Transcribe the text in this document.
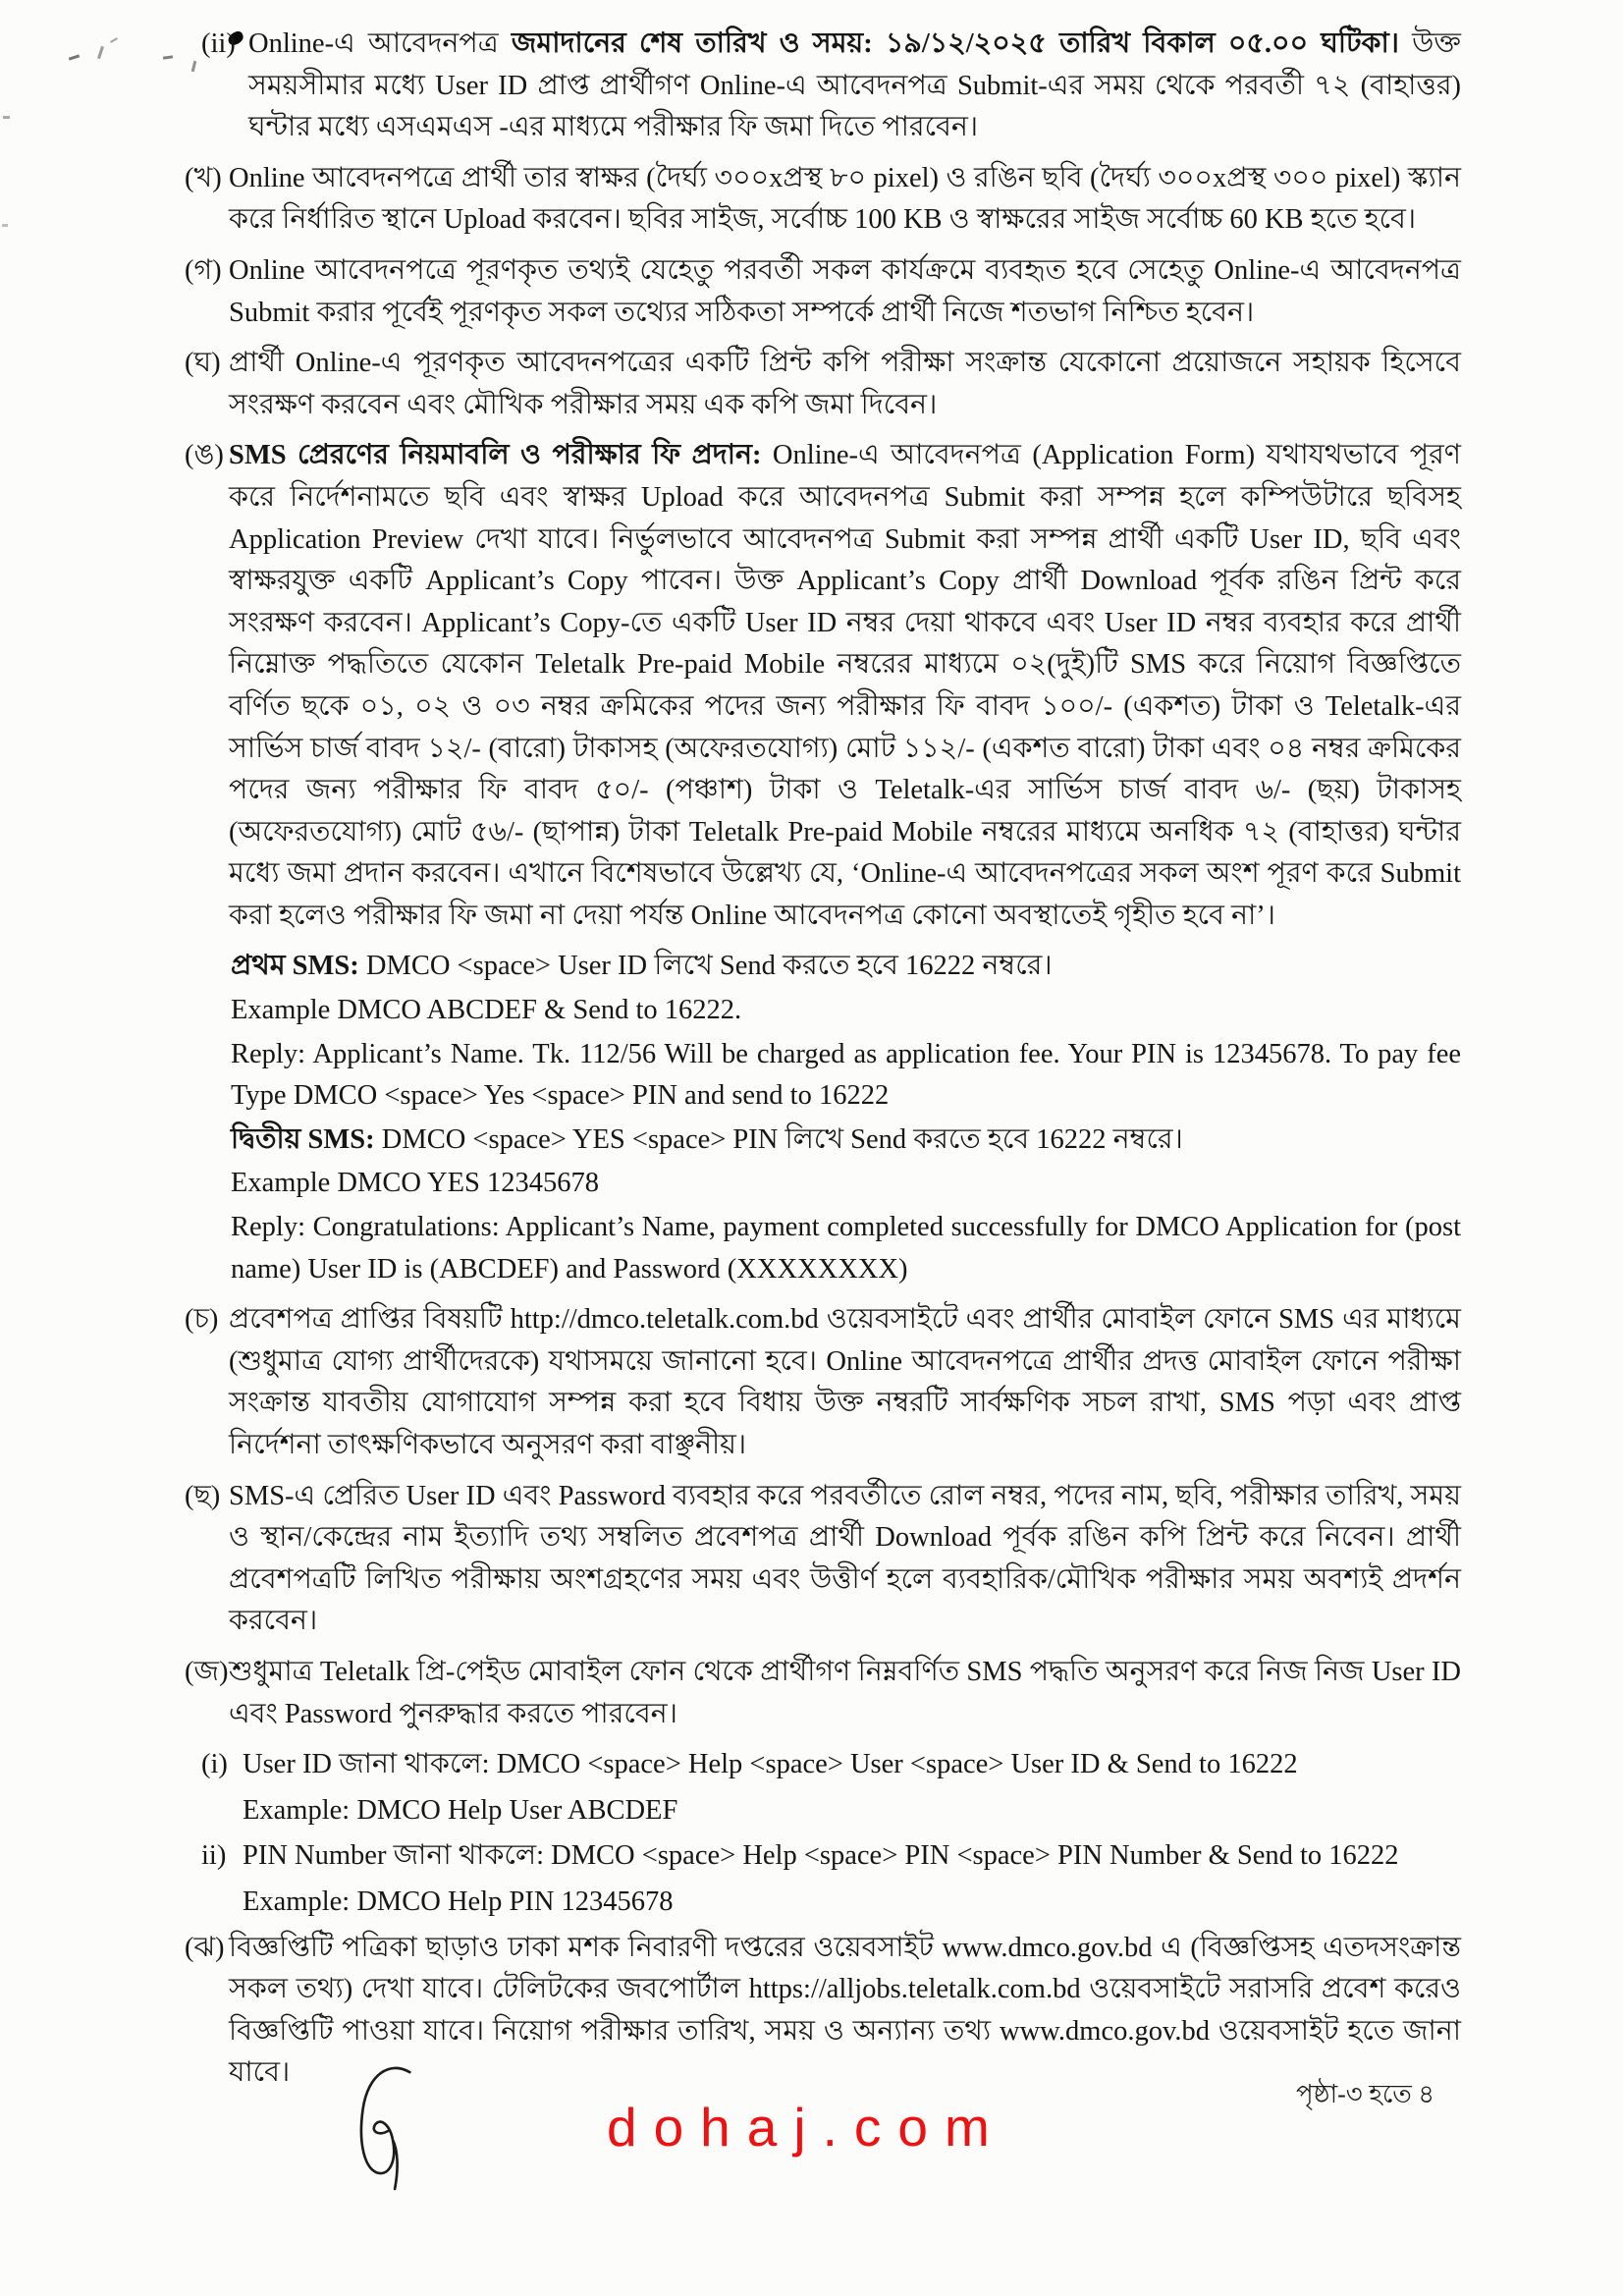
(ii) Online-এ আবেদনপত্র জমাদানের শেষ তারিখ ও সময়: ১৯/১২/২০২৫ তারিখ বিকাল ০৫.০০ ঘটিকা। উক্ত সময়সীমার মধ্যে User ID প্রাপ্ত প্রার্থীগণ Online-এ আবেদনপত্র Submit-এর সময় থেকে পরবর্তী ৭২ (বাহাত্তর) ঘন্টার মধ্যে এসএমএস -এর মাধ্যমে পরীক্ষার ফি জমা দিতে পারবেন।
(খ) Online আবেদনপত্রে প্রার্থী তার স্বাক্ষর (দৈর্ঘ্য ৩০০xপ্রস্থ ৮০ pixel) ও রঙিন ছবি (দৈর্ঘ্য ৩০০xপ্রস্থ ৩০০ pixel) স্ক্যান করে নির্ধারিত স্থানে Upload করবেন। ছবির সাইজ, সর্বোচ্চ 100 KB ও স্বাক্ষরের সাইজ সর্বোচ্চ 60 KB হতে হবে।
(গ) Online আবেদনপত্রে পূরণকৃত তথ্যই যেহেতু পরবর্তী সকল কার্যক্রমে ব্যবহৃত হবে সেহেতু Online-এ আবেদনপত্র Submit করার পূর্বেই পূরণকৃত সকল তথ্যের সঠিকতা সম্পর্কে প্রার্থী নিজে শতভাগ নিশ্চিত হবেন।
(ঘ) প্রার্থী Online-এ পূরণকৃত আবেদনপত্রের একটি প্রিন্ট কপি পরীক্ষা সংক্রান্ত যেকোনো প্রয়োজনে সহায়ক হিসেবে সংরক্ষণ করবেন এবং মৌখিক পরীক্ষার সময় এক কপি জমা দিবেন।
(ঙ) SMS প্রেরণের নিয়মাবলি ও পরীক্ষার ফি প্রদান: Online-এ আবেদনপত্র (Application Form) যথাযথভাবে পূরণ করে নির্দেশনামতে ছবি এবং স্বাক্ষর Upload করে আবেদনপত্র Submit করা সম্পন্ন হলে কম্পিউটারে ছবিসহ Application Preview দেখা যাবে। নির্ভুলভাবে আবেদনপত্র Submit করা সম্পন্ন প্রার্থী একটি User ID, ছবি এবং স্বাক্ষরযুক্ত একটি Applicant’s Copy পাবেন। উক্ত Applicant’s Copy প্রার্থী Download পূর্বক রঙিন প্রিন্ট করে সংরক্ষণ করবেন। Applicant’s Copy-তে একটি User ID নম্বর দেয়া থাকবে এবং User ID নম্বর ব্যবহার করে প্রার্থী নিম্নোক্ত পদ্ধতিতে যেকোন Teletalk Pre-paid Mobile নম্বরের মাধ্যমে ০২(দুই)টি SMS করে নিয়োগ বিজ্ঞপ্তিতে বর্ণিত ছকে ০১, ০২ ও ০৩ নম্বর ক্রমিকের পদের জন্য পরীক্ষার ফি বাবদ ১০০/- (একশত) টাকা ও Teletalk-এর সার্ভিস চার্জ বাবদ ১২/- (বারো) টাকাসহ (অফেরতযোগ্য) মোট ১১২/- (একশত বারো) টাকা এবং ০৪ নম্বর ক্রমিকের পদের জন্য পরীক্ষার ফি বাবদ ৫০/- (পঞ্চাশ) টাকা ও Teletalk-এর সার্ভিস চার্জ বাবদ ৬/- (ছয়) টাকাসহ (অফেরতযোগ্য) মোট ৫৬/- (ছাপান্ন) টাকা Teletalk Pre-paid Mobile নম্বরের মাধ্যমে অনধিক ৭২ (বাহাত্তর) ঘন্টার মধ্যে জমা প্রদান করবেন। এখানে বিশেষভাবে উল্লেখ্য যে, ‘Online-এ আবেদনপত্রের সকল অংশ পূরণ করে Submit করা হলেও পরীক্ষার ফি জমা না দেয়া পর্যন্ত Online আবেদনপত্র কোনো অবস্থাতেই গৃহীত হবে না’।
প্রথম SMS: DMCO <space> User ID লিখে Send করতে হবে 16222 নম্বরে।
Example DMCO ABCDEF & Send to 16222.
Reply: Applicant’s Name. Tk. 112/56 Will be charged as application fee. Your PIN is 12345678. To pay fee Type DMCO <space> Yes <space> PIN and send to 16222
দ্বিতীয় SMS: DMCO <space> YES <space> PIN লিখে Send করতে হবে 16222 নম্বরে।
Example DMCO YES 12345678
Reply: Congratulations: Applicant’s Name, payment completed successfully for DMCO Application for (post name) User ID is (ABCDEF) and Password (XXXXXXXX)
(চ) প্রবেশপত্র প্রাপ্তির বিষয়টি http://dmco.teletalk.com.bd ওয়েবসাইটে এবং প্রার্থীর মোবাইল ফোনে SMS এর মাধ্যমে (শুধুমাত্র যোগ্য প্রার্থীদেরকে) যথাসময়ে জানানো হবে। Online আবেদনপত্রে প্রার্থীর প্রদত্ত মোবাইল ফোনে পরীক্ষা সংক্রান্ত যাবতীয় যোগাযোগ সম্পন্ন করা হবে বিধায় উক্ত নম্বরটি সার্বক্ষণিক সচল রাখা, SMS পড়া এবং প্রাপ্ত নির্দেশনা তাৎক্ষণিকভাবে অনুসরণ করা বাঞ্ছনীয়।
(ছ) SMS-এ প্রেরিত User ID এবং Password ব্যবহার করে পরবর্তীতে রোল নম্বর, পদের নাম, ছবি, পরীক্ষার তারিখ, সময় ও স্থান/কেন্দ্রের নাম ইত্যাদি তথ্য সম্বলিত প্রবেশপত্র প্রার্থী Download পূর্বক রঙিন কপি প্রিন্ট করে নিবেন। প্রার্থী প্রবেশপত্রটি লিখিত পরীক্ষায় অংশগ্রহণের সময় এবং উত্তীর্ণ হলে ব্যবহারিক/মৌখিক পরীক্ষার সময় অবশ্যই প্রদর্শন করবেন।
(জ) শুধুমাত্র Teletalk প্রি-পেইড মোবাইল ফোন থেকে প্রার্থীগণ নিম্নবর্ণিত SMS পদ্ধতি অনুসরণ করে নিজ নিজ User ID এবং Password পুনরুদ্ধার করতে পারবেন।
(i) User ID জানা থাকলে: DMCO <space> Help <space> User <space> User ID & Send to 16222
Example: DMCO Help User ABCDEF
ii) PIN Number জানা থাকলে: DMCO <space> Help <space> PIN <space> PIN Number & Send to 16222
Example: DMCO Help PIN 12345678
(ঝ) বিজ্ঞপ্তিটি পত্রিকা ছাড়াও ঢাকা মশক নিবারণী দপ্তরের ওয়েবসাইট www.dmco.gov.bd এ (বিজ্ঞপ্তিসহ এতদসংক্রান্ত সকল তথ্য) দেখা যাবে। টেলিটকের জবপোর্টাল https://alljobs.teletalk.com.bd ওয়েবসাইটে সরাসরি প্রবেশ করেও বিজ্ঞপ্তিটি পাওয়া যাবে। নিয়োগ পরীক্ষার তারিখ, সময় ও অন্যান্য তথ্য www.dmco.gov.bd ওয়েবসাইট হতে জানা যাবে।
dohaj.com
পৃষ্ঠা-৩ হতে ৪
